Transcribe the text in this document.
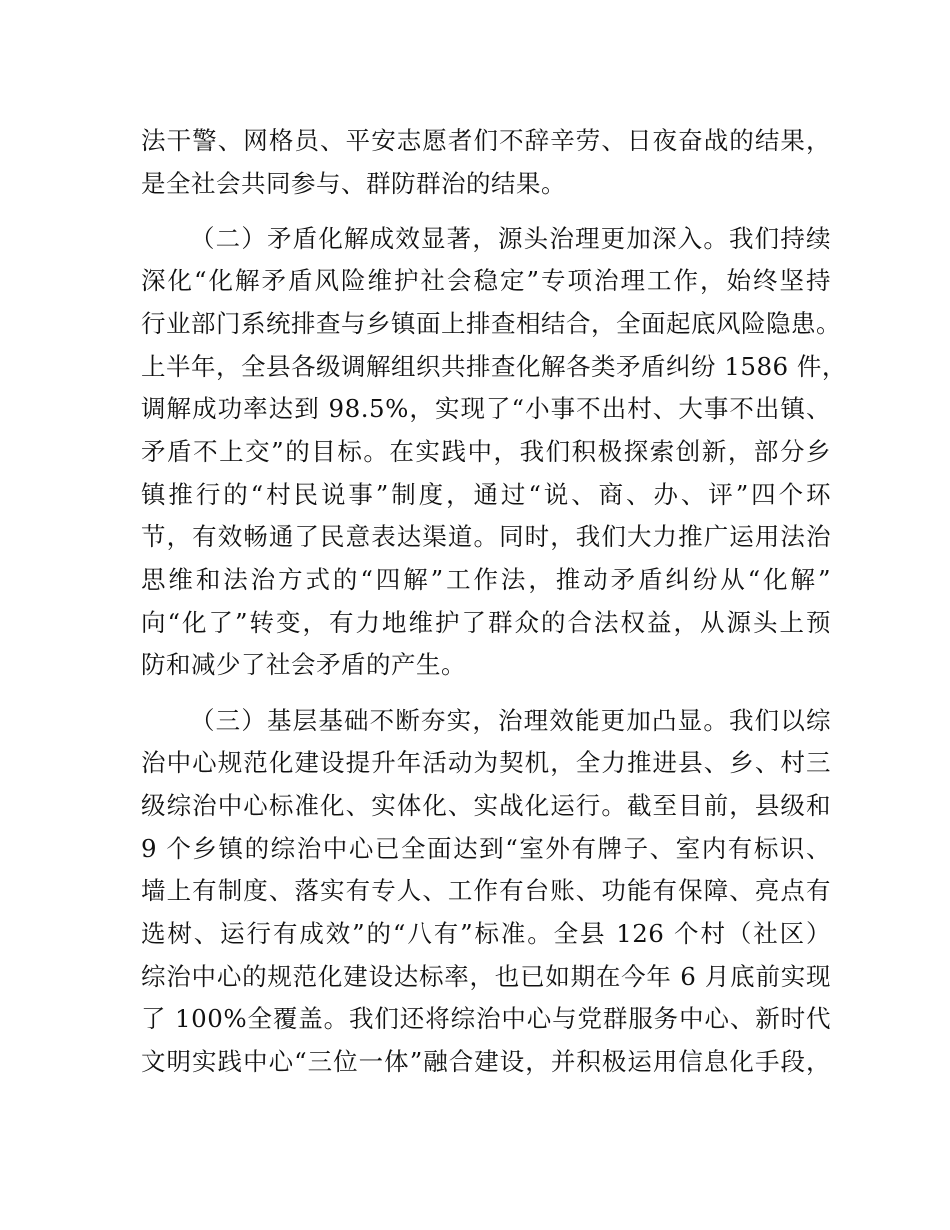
法干警、网格员、平安志愿者们不辞辛劳、日夜奋战的结果，
是全社会共同参与、群防群治的结果。
（二）矛盾化解成效显著，源头治理更加深入。我们持续
深化“化解矛盾风险维护社会稳定”专项治理工作，始终坚持
行业部门系统排查与乡镇面上排查相结合，全面起底风险隐患。
上半年，全县各级调解组织共排查化解各类矛盾纠纷 1586 件，
调解成功率达到 98.5%，实现了“小事不出村、大事不出镇、
矛盾不上交”的目标。在实践中，我们积极探索创新，部分乡
镇推行的“村民说事”制度，通过“说、商、办、评”四个环
节，有效畅通了民意表达渠道。同时，我们大力推广运用法治
思维和法治方式的“四解”工作法，推动矛盾纠纷从“化解”
向“化了”转变，有力地维护了群众的合法权益，从源头上预
防和减少了社会矛盾的产生。
（三）基层基础不断夯实，治理效能更加凸显。我们以综
治中心规范化建设提升年活动为契机，全力推进县、乡、村三
级综治中心标准化、实体化、实战化运行。截至目前，县级和
9 个乡镇的综治中心已全面达到“室外有牌子、室内有标识、
墙上有制度、落实有专人、工作有台账、功能有保障、亮点有
选树、运行有成效”的“八有”标准。全县 126 个村（社区）
综治中心的规范化建设达标率，也已如期在今年 6 月底前实现
了 100%全覆盖。我们还将综治中心与党群服务中心、新时代
文明实践中心“三位一体”融合建设，并积极运用信息化手段，
